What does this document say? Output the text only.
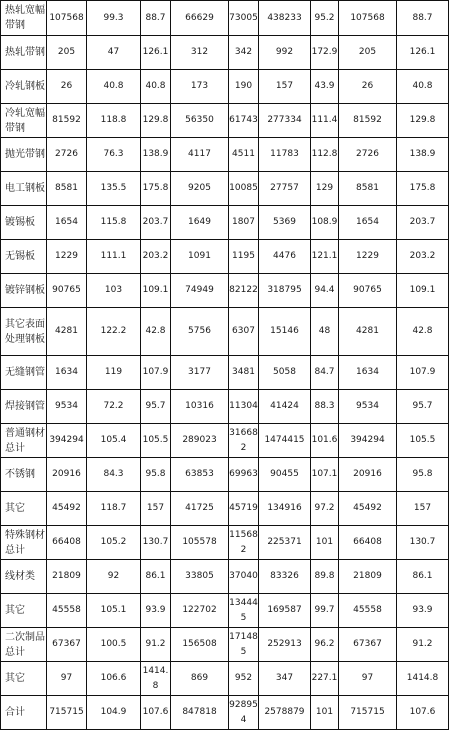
热轧宽幅带钢	107568	99.3	88.7	66629	73005	438233	95.2	107568	88.7
热轧带钢	205	47	126.1	312	342	992	172.9	205	126.1
冷轧钢板	26	40.8	40.8	173	190	157	43.9	26	40.8
冷轧宽幅带钢	81592	118.8	129.8	56350	61743	277334	111.4	81592	129.8
抛光带钢	2726	76.3	138.9	4117	4511	11783	112.8	2726	138.9
电工钢板	8581	135.5	175.8	9205	10085	27757	129	8581	175.8
镀锡板	1654	115.8	203.7	1649	1807	5369	108.9	1654	203.7
无锡板	1229	111.1	203.2	1091	1195	4476	121.1	1229	203.2
镀锌钢板	90765	103	109.1	74949	82122	318795	94.4	90765	109.1
其它表面处理钢板	4281	122.2	42.8	5756	6307	15146	48	4281	42.8
无缝钢管	1634	119	107.9	3177	3481	5058	84.7	1634	107.9
焊接钢管	9534	72.2	95.7	10316	11304	41424	88.3	9534	95.7
普通钢材总计	394294	105.4	105.5	289023	316682	1474415	101.6	394294	105.5
不锈钢	20916	84.3	95.8	63853	69963	90455	107.1	20916	95.8
其它	45492	118.7	157	41725	45719	134916	97.2	45492	157
特殊钢材总计	66408	105.2	130.7	105578	115682	225371	101	66408	130.7
线材类	21809	92	86.1	33805	37040	83326	89.8	21809	86.1
其它	45558	105.1	93.9	122702	134445	169587	99.7	45558	93.9
二次制品总计	67367	100.5	91.2	156508	171485	252913	96.2	67367	91.2
其它	97	106.6	1414.8	869	952	347	227.1	97	1414.8
合计	715715	104.9	107.6	847818	928954	2578879	101	715715	107.6
